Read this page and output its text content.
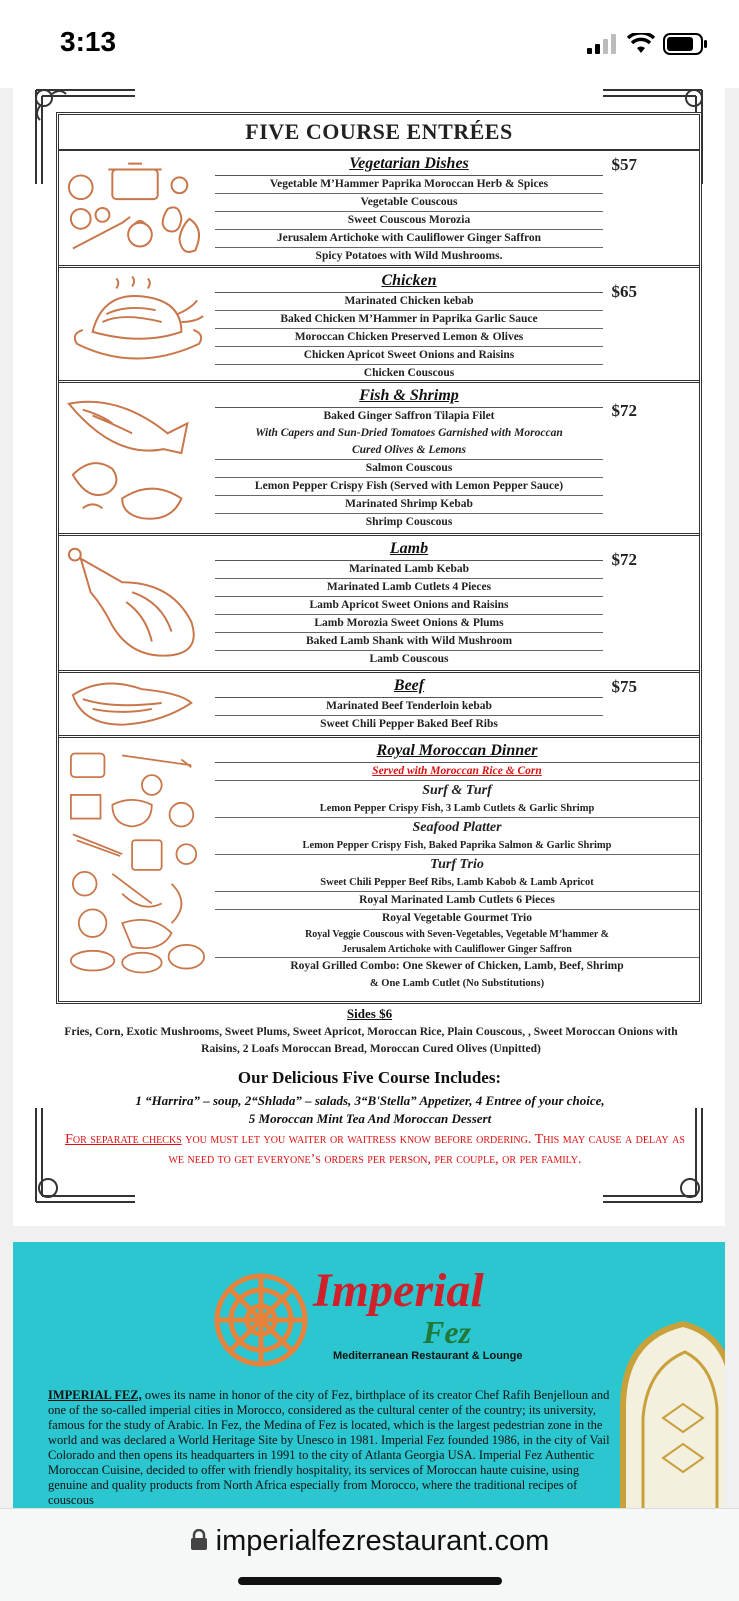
3:13
FIVE COURSE ENTRÉES
Vegetarian Dishes
Vegetable M’Hammer Paprika Moroccan Herb & Spices
Vegetable Couscous
Sweet Couscous Morozia
Jerusalem Artichoke with Cauliflower Ginger Saffron
Spicy Potatoes with Wild Mushrooms.
$57
Chicken
Marinated Chicken kebab
Baked Chicken M’Hammer in Paprika Garlic Sauce
Moroccan Chicken Preserved Lemon & Olives
Chicken Apricot Sweet Onions and Raisins
Chicken Couscous
$65
Fish & Shrimp
Baked Ginger Saffron Tilapia Filet
With Capers and Sun-Dried Tomatoes Garnished with Moroccan
Cured Olives & Lemons
Salmon Couscous
Lemon Pepper Crispy Fish (Served with Lemon Pepper Sauce)
Marinated Shrimp Kebab
Shrimp Couscous
$72
Lamb
Marinated Lamb Kebab
Marinated Lamb Cutlets 4 Pieces
Lamb Apricot Sweet Onions and Raisins
Lamb Morozia Sweet Onions & Plums
Baked Lamb Shank with Wild Mushroom
Lamb Couscous
$72
Beef
Marinated Beef Tenderloin kebab
Sweet Chili Pepper Baked Beef Ribs
$75
Royal Moroccan Dinner
Served with Moroccan Rice & Corn
Surf & Turf
Lemon Pepper Crispy Fish, 3 Lamb Cutlets & Garlic Shrimp
Seafood Platter
Lemon Pepper Crispy Fish, Baked Paprika Salmon & Garlic Shrimp
Turf Trio
Sweet Chili Pepper Beef Ribs, Lamb Kabob & Lamb Apricot
Royal Marinated Lamb Cutlets 6 Pieces
Royal Vegetable Gourmet Trio
Royal Veggie Couscous with Seven-Vegetables, Vegetable M’hammer &
Jerusalem Artichoke with Cauliflower Ginger Saffron
Royal Grilled Combo: One Skewer of Chicken, Lamb, Beef, Shrimp
& One Lamb Cutlet (No Substitutions)
Sides $6
Fries, Corn, Exotic Mushrooms, Sweet Plums, Sweet Apricot, Moroccan Rice, Plain Couscous, , Sweet Moroccan Onions with Raisins, 2 Loafs Moroccan Bread, Moroccan Cured Olives (Unpitted)
Our Delicious Five Course Includes:
1 “Harrira” – soup, 2“Shlada” – salads, 3“B'Stella” Appetizer, 4 Entree of your choice,
5 Moroccan Mint Tea And Moroccan Dessert
For separate checks you must let you waiter or waitress know before ordering. This may cause a delay as we need to get everyone’s orders per person, per couple, or per family.
Imperial
Fez
Mediterranean Restaurant & Lounge
IMPERIAL FEZ, owes its name in honor of the city of Fez, birthplace of its creator Chef Rafih Benjelloun and one of the so-called imperial cities in Morocco, considered as the cultural center of the country; its university, famous for the study of Arabic. In Fez, the Medina of Fez is located, which is the largest pedestrian zone in the world and was declared a World Heritage Site by Unesco in 1981. Imperial Fez founded 1986, in the city of Vail Colorado and then opens its headquarters in 1991 to the city of Atlanta Georgia USA. Imperial Fez Authentic Moroccan Cuisine, decided to offer with friendly hospitality, its services of Moroccan haute cuisine, using genuine and quality products from North Africa especially from Morocco, where the traditional recipes of couscous
imperialfezrestaurant.com
